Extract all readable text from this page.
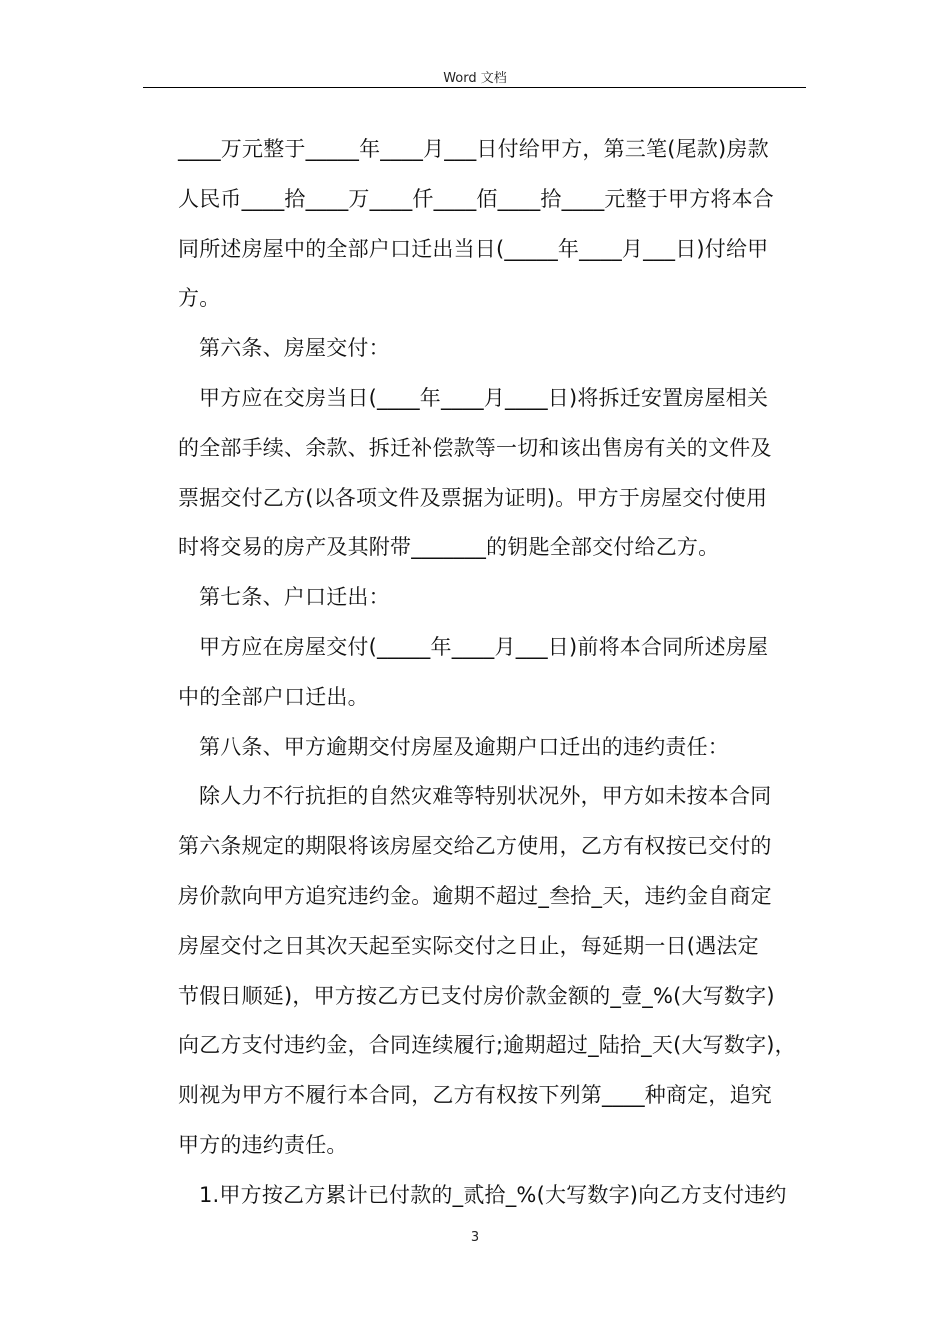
Word 文档
____万元整于_____年____月___日付给甲方，第三笔(尾款)房款
人民币____拾____万____仟____佰____拾____元整于甲方将本合
同所述房屋中的全部户口迁出当日(_____年____月___日)付给甲
方。
第六条、房屋交付：
甲方应在交房当日(____年____月____日)将拆迁安置房屋相关
的全部手续、余款、拆迁补偿款等一切和该出售房有关的文件及
票据交付乙方(以各项文件及票据为证明)。甲方于房屋交付使用
时将交易的房产及其附带_______的钥匙全部交付给乙方。
第七条、户口迁出：
甲方应在房屋交付(_____年____月___日)前将本合同所述房屋
中的全部户口迁出。
第八条、甲方逾期交付房屋及逾期户口迁出的违约责任：
除人力不行抗拒的自然灾难等特别状况外，甲方如未按本合同
第六条规定的期限将该房屋交给乙方使用，乙方有权按已交付的
房价款向甲方追究违约金。逾期不超过_叁拾_天，违约金自商定
房屋交付之日其次天起至实际交付之日止，每延期一日(遇法定
节假日顺延)，甲方按乙方已支付房价款金额的_壹_%(大写数字)
向乙方支付违约金，合同连续履行;逾期超过_陆拾_天(大写数字)，
则视为甲方不履行本合同，乙方有权按下列第____种商定，追究
甲方的违约责任。
1.甲方按乙方累计已付款的_贰拾_%(大写数字)向乙方支付违约
3
